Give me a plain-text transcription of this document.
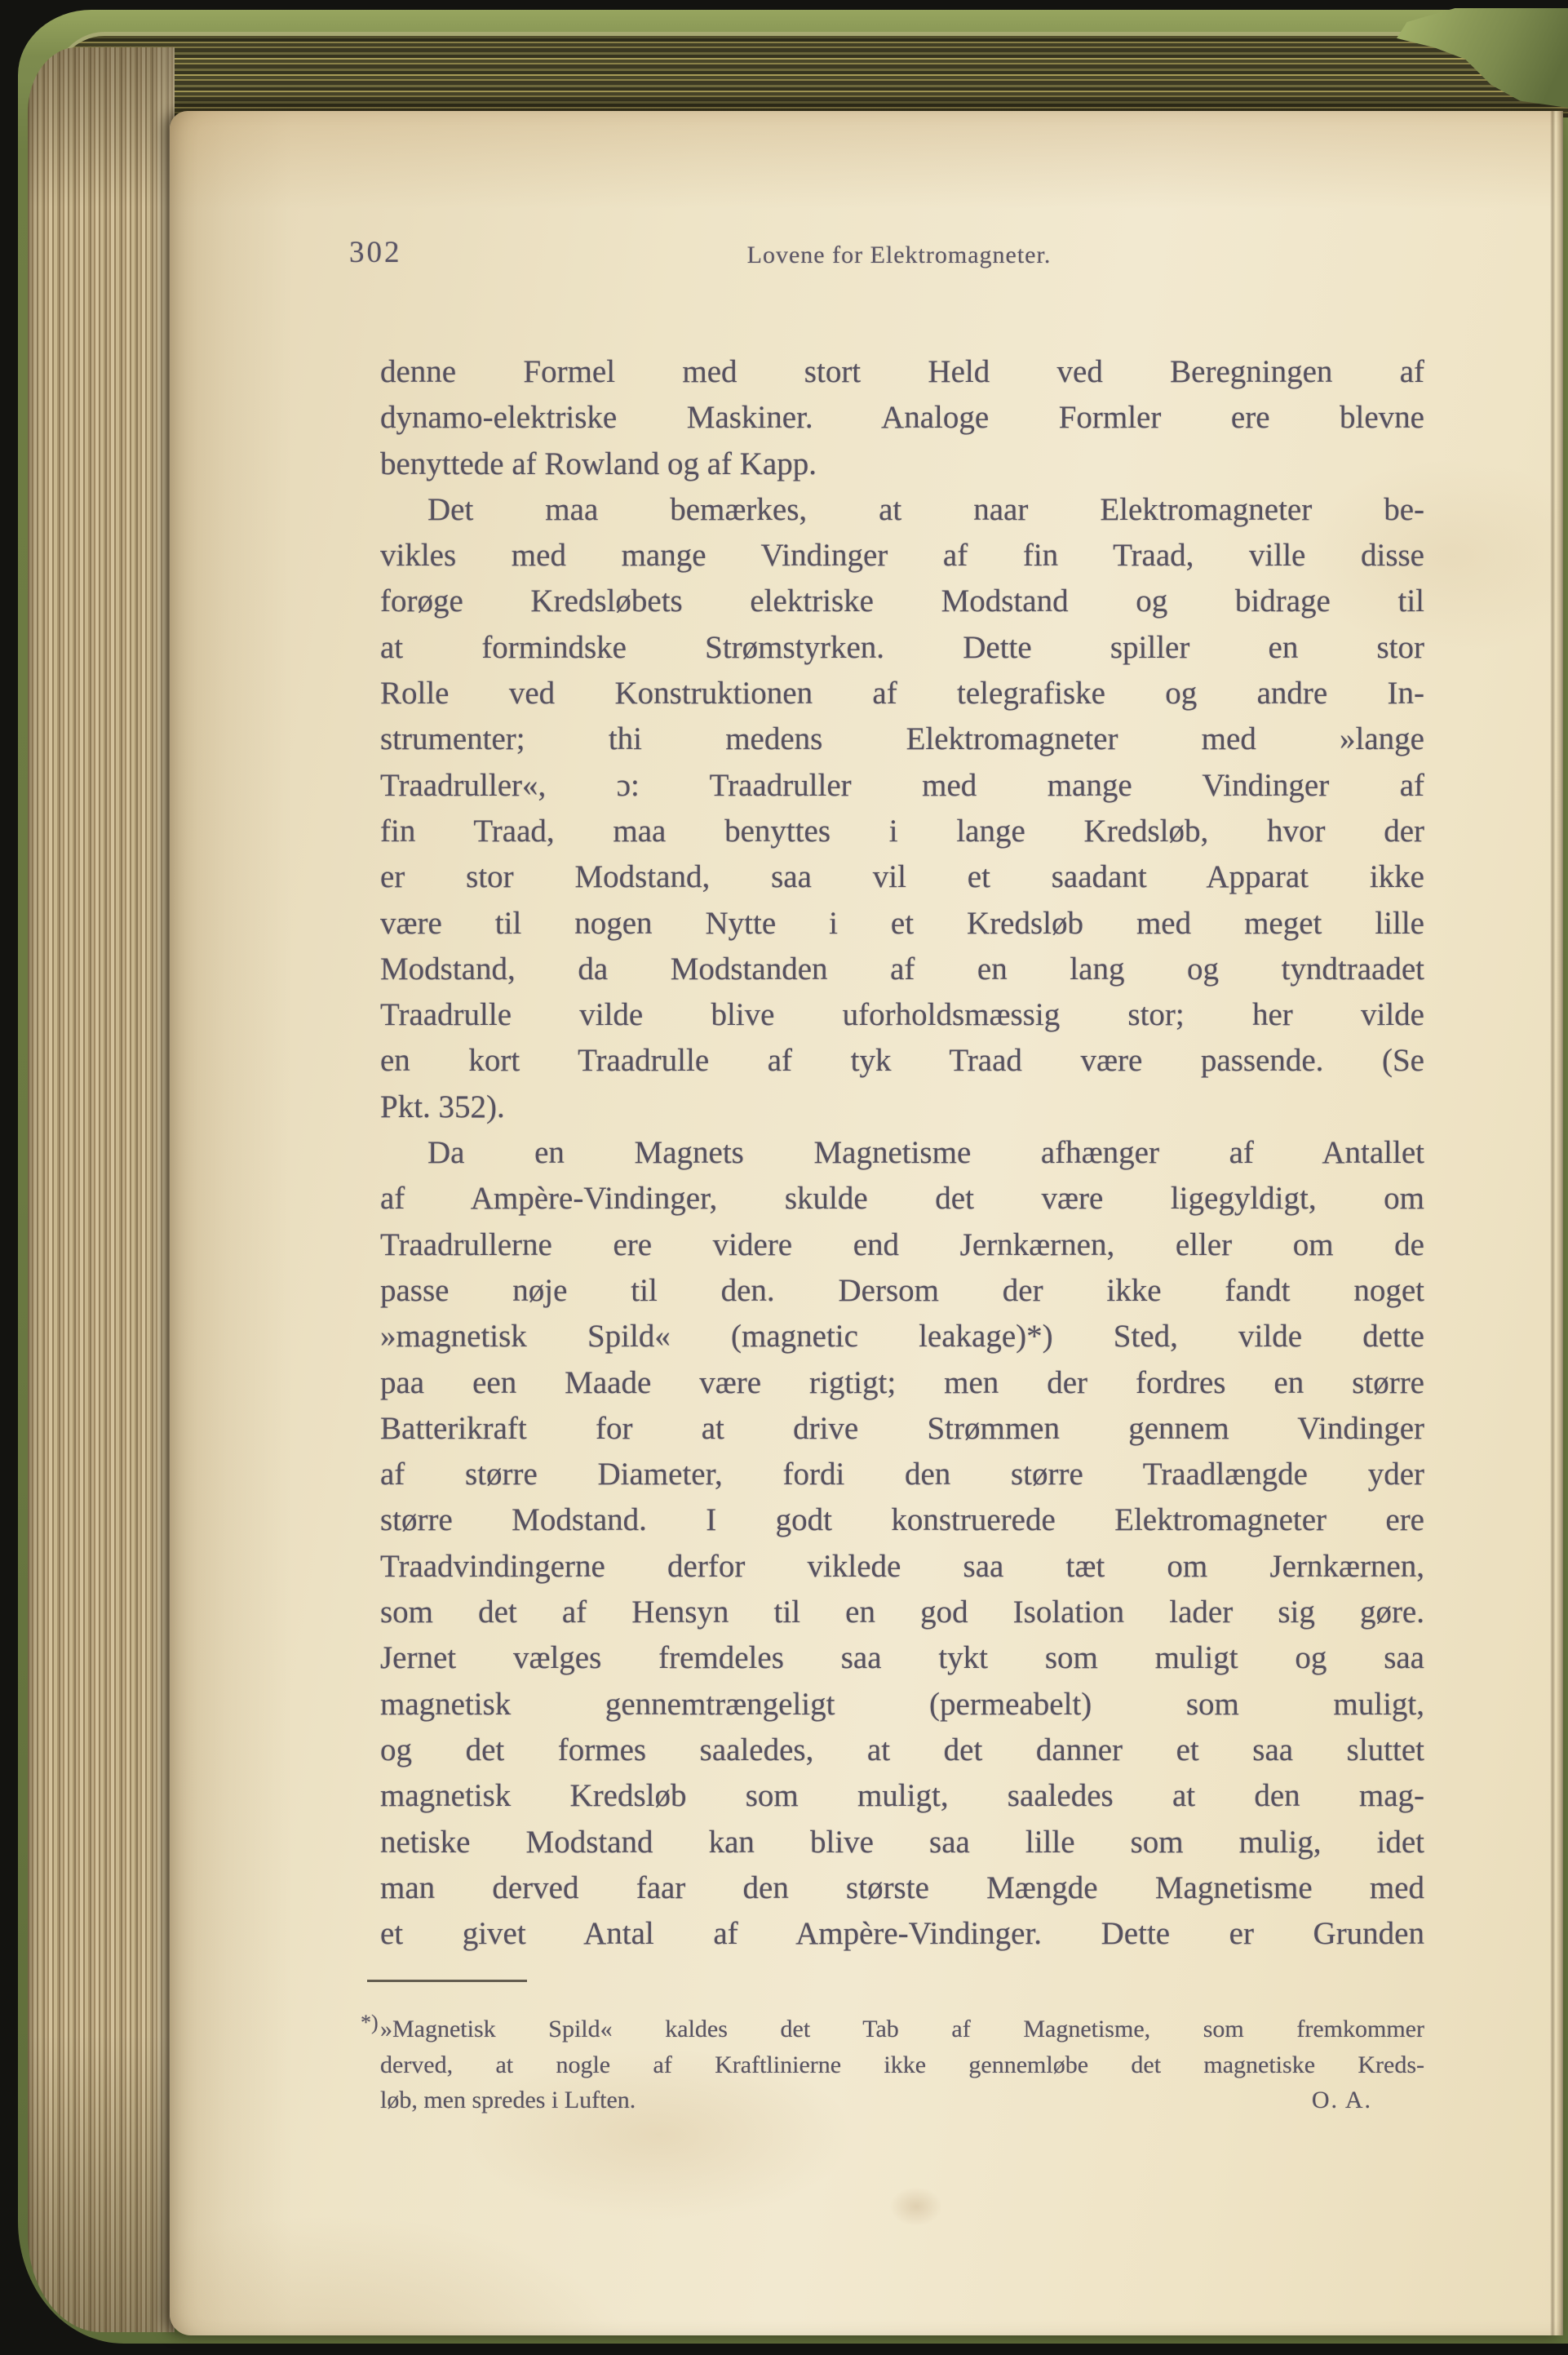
302	Lovene for Elektromagneter.
denne Formel med stort Held ved Beregningen af
dynamo-elektriske Maskiner. Analoge Formler ere blevne
benyttede af Rowland og af Kapp.
Det maa bemærkes, at naar Elektromagneter be-
vikles med mange Vindinger af fin Traad, ville disse
forøge Kredsløbets elektriske Modstand og bidrage til
at formindske Strømstyrken. Dette spiller en stor
Rolle ved Konstruktionen af telegrafiske og andre In-
strumenter; thi medens Elektromagneter med »lange
Traadruller«, ɔ: Traadruller med mange Vindinger af
fin Traad, maa benyttes i lange Kredsløb, hvor der
er stor Modstand, saa vil et saadant Apparat ikke
være til nogen Nytte i et Kredsløb med meget lille
Modstand, da Modstanden af en lang og tyndtraadet
Traadrulle vilde blive uforholdsmæssig stor; her vilde
en kort Traadrulle af tyk Traad være passende. (Se
Pkt. 352).
Da en Magnets Magnetisme afhænger af Antallet
af Ampère-Vindinger, skulde det være ligegyldigt, om
Traadrullerne ere videre end Jernkærnen, eller om de
passe nøje til den. Dersom der ikke fandt noget
»magnetisk Spild« (magnetic leakage)*) Sted, vilde dette
paa een Maade være rigtigt; men der fordres en større
Batterikraft for at drive Strømmen gennem Vindinger
af større Diameter, fordi den større Traadlængde yder
større Modstand. I godt konstruerede Elektromagneter ere
Traadvindingerne derfor viklede saa tæt om Jernkærnen,
som det af Hensyn til en god Isolation lader sig gøre.
Jernet vælges fremdeles saa tykt som muligt og saa
magnetisk gennemtrængeligt (permeabelt) som muligt,
og det formes saaledes, at det danner et saa sluttet
magnetisk Kredsløb som muligt, saaledes at den mag-
netiske Modstand kan blive saa lille som mulig, idet
man derved faar den største Mængde Magnetisme med
et givet Antal af Ampère-Vindinger. Dette er Grunden
*) »Magnetisk Spild« kaldes det Tab af Magnetisme, som fremkommer
derved, at nogle af Kraftlinierne ikke gennemløbe det magnetiske Kreds-
løb, men spredes i Luften.	O. A.
